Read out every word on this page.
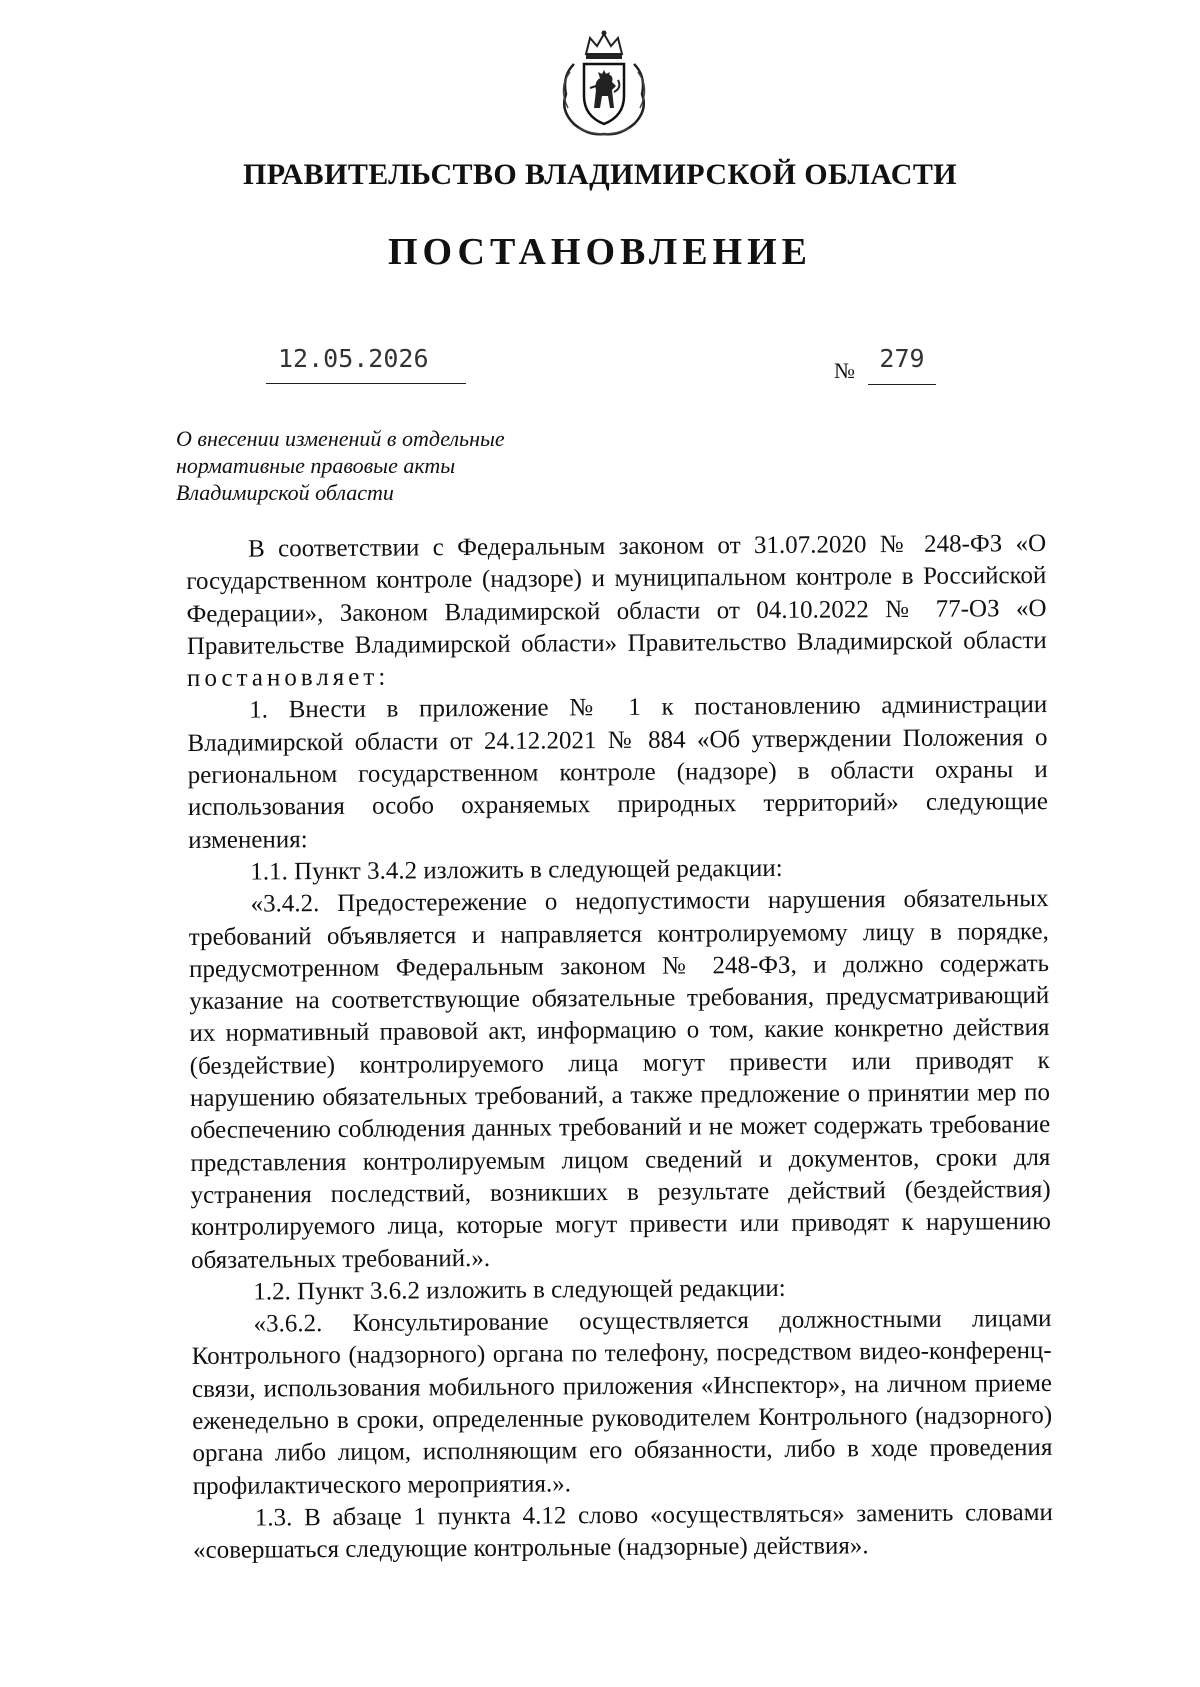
ПРАВИТЕЛЬСТВО ВЛАДИМИРСКОЙ ОБЛАСТИ
ПОСТАНОВЛЕНИЕ
12.05.2026	№ 279
О внесении изменений в отдельные
нормативные правовые акты
Владимирской области

В соответствии с Федеральным законом от 31.07.2020 № 248-ФЗ «О государственном контроле (надзоре) и муниципальном контроле в Российской Федерации», Законом Владимирской области от 04.10.2022 № 77-ОЗ «О Правительстве Владимирской области» Правительство Владимирской области постановляет:

1. Внести в приложение № 1 к постановлению администрации Владимирской области от 24.12.2021 № 884 «Об утверждении Положения о региональном государственном контроле (надзоре) в области охраны и использования особо охраняемых природных территорий» следующие изменения:

1.1. Пункт 3.4.2 изложить в следующей редакции:

«3.4.2. Предостережение о недопустимости нарушения обязательных требований объявляется и направляется контролируемому лицу в порядке, предусмотренном Федеральным законом № 248-ФЗ, и должно содержать указание на соответствующие обязательные требования, предусматривающий их нормативный правовой акт, информацию о том, какие конкретно действия (бездействие) контролируемого лица могут привести или приводят к нарушению обязательных требований, а также предложение о принятии мер по обеспечению соблюдения данных требований и не может содержать требование представления контролируемым лицом сведений и документов, сроки для устранения последствий, возникших в результате действий (бездействия) контролируемого лица, которые могут привести или приводят к нарушению обязательных требований.».

1.2. Пункт 3.6.2 изложить в следующей редакции:

«3.6.2. Консультирование осуществляется должностными лицами Контрольного (надзорного) органа по телефону, посредством видео-конференц-связи, использования мобильного приложения «Инспектор», на личном приеме еженедельно в сроки, определенные руководителем Контрольного (надзорного) органа либо лицом, исполняющим его обязанности, либо в ходе проведения профилактического мероприятия.».

1.3. В абзаце 1 пункта 4.12 слово «осуществляться» заменить словами «совершаться следующие контрольные (надзорные) действия».
